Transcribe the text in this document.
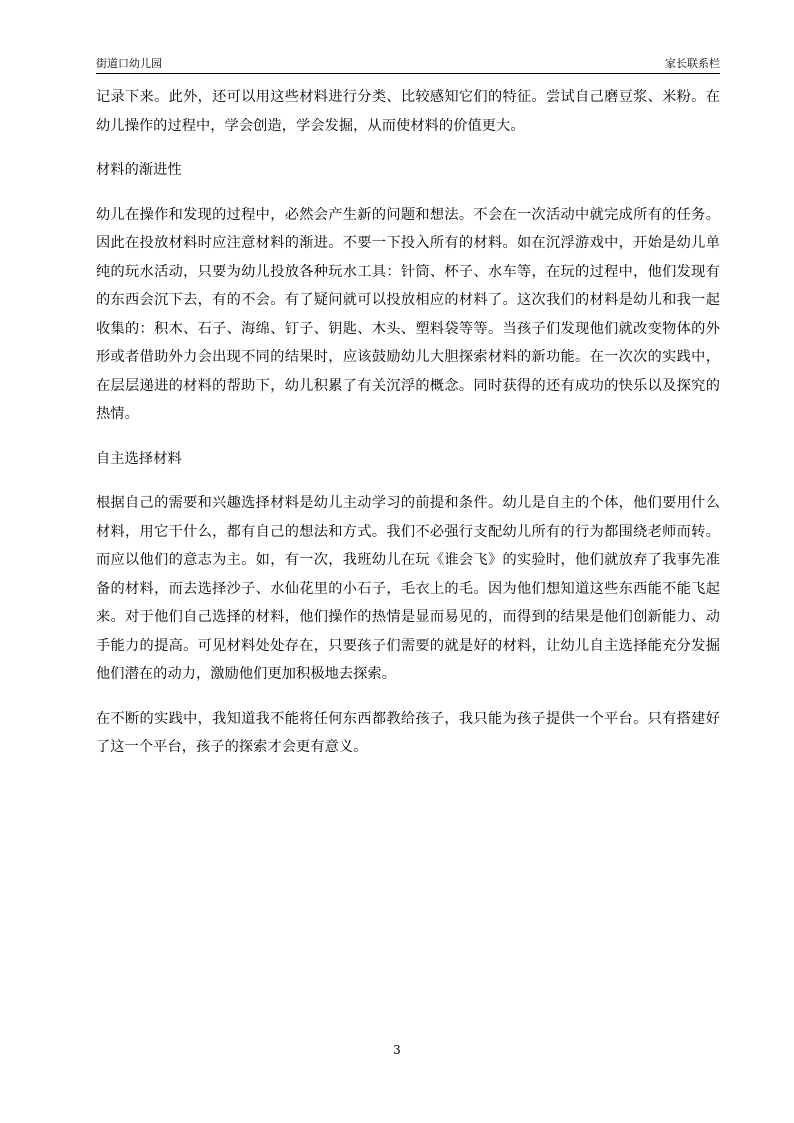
街道口幼儿园	家长联系栏

记录下来。此外，还可以用这些材料进行分类、比较感知它们的特征。尝试自己磨豆浆、米粉。在幼儿操作的过程中，学会创造，学会发掘，从而使材料的价值更大。

材料的渐进性

幼儿在操作和发现的过程中，必然会产生新的问题和想法。不会在一次活动中就完成所有的任务。因此在投放材料时应注意材料的渐进。不要一下投入所有的材料。如在沉浮游戏中，开始是幼儿单纯的玩水活动，只要为幼儿投放各种玩水工具：针筒、杯子、水车等，在玩的过程中，他们发现有的东西会沉下去，有的不会。有了疑问就可以投放相应的材料了。这次我们的材料是幼儿和我一起收集的：积木、石子、海绵、钉子、钥匙、木头、塑料袋等等。当孩子们发现他们就改变物体的外形或者借助外力会出现不同的结果时，应该鼓励幼儿大胆探索材料的新功能。在一次次的实践中，在层层递进的材料的帮助下，幼儿积累了有关沉浮的概念。同时获得的还有成功的快乐以及探究的热情。

自主选择材料

根据自己的需要和兴趣选择材料是幼儿主动学习的前提和条件。幼儿是自主的个体，他们要用什么材料，用它干什么，都有自己的想法和方式。我们不必强行支配幼儿所有的行为都围绕老师而转。而应以他们的意志为主。如，有一次，我班幼儿在玩《谁会飞》的实验时，他们就放弃了我事先准备的材料，而去选择沙子、水仙花里的小石子，毛衣上的毛。因为他们想知道这些东西能不能飞起来。对于他们自己选择的材料，他们操作的热情是显而易见的，而得到的结果是他们创新能力、动手能力的提高。可见材料处处存在，只要孩子们需要的就是好的材料，让幼儿自主选择能充分发掘他们潜在的动力，激励他们更加积极地去探索。

在不断的实践中，我知道我不能将任何东西都教给孩子，我只能为孩子提供一个平台。只有搭建好了这一个平台，孩子的探索才会更有意义。

3
